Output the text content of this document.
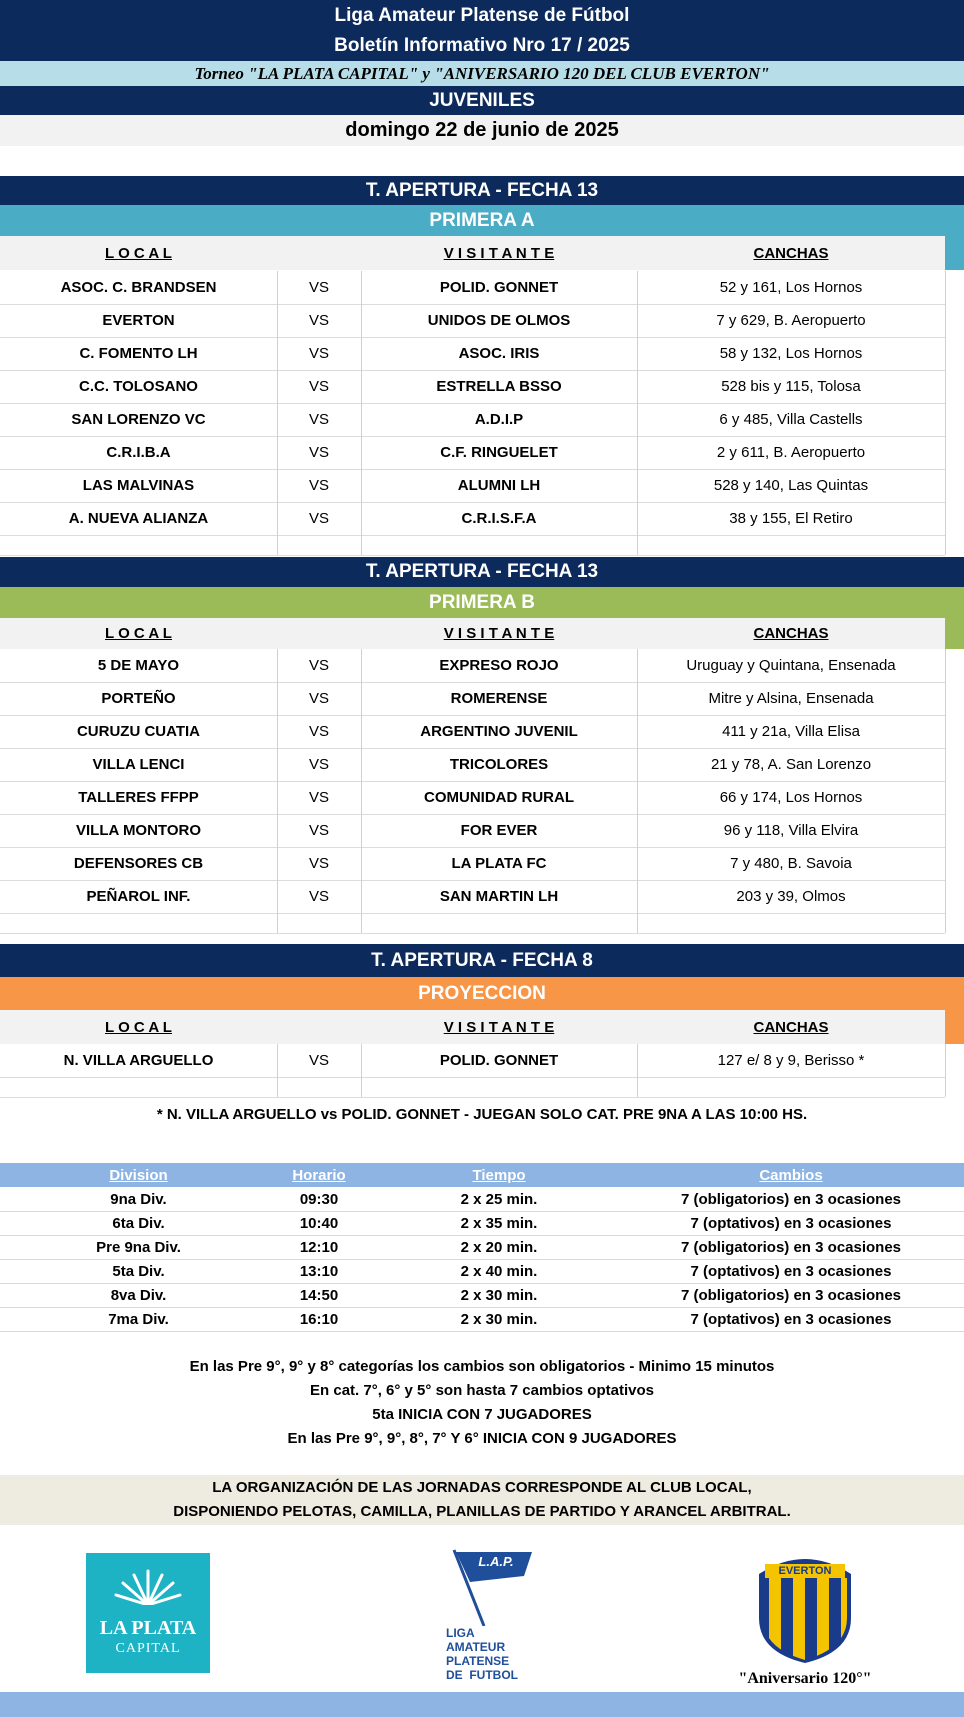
Liga Amateur Platense de Fútbol
Boletín Informativo Nro 17 / 2025
Torneo "LA PLATA CAPITAL" y "ANIVERSARIO 120 DEL CLUB EVERTON"
JUVENILES
domingo 22 de junio de 2025
T. APERTURA - FECHA 13
PRIMERA A
L O C A L	V I S I T A N T E	CANCHAS
ASOC. C. BRANDSEN	VS	POLID. GONNET	52 y 161, Los Hornos
EVERTON	VS	UNIDOS DE OLMOS	7 y 629, B. Aeropuerto
C. FOMENTO LH	VS	ASOC. IRIS	58 y 132, Los Hornos
C.C. TOLOSANO	VS	ESTRELLA BSSO	528 bis y 115, Tolosa
SAN LORENZO VC	VS	A.D.I.P	6 y 485, Villa Castells
C.R.I.B.A	VS	C.F. RINGUELET	2 y 611, B. Aeropuerto
LAS MALVINAS	VS	ALUMNI LH	528 y 140, Las Quintas
A. NUEVA ALIANZA	VS	C.R.I.S.F.A	38 y 155, El Retiro
T. APERTURA - FECHA 13
PRIMERA B
L O C A L	V I S I T A N T E	CANCHAS
5 DE MAYO	VS	EXPRESO ROJO	Uruguay y Quintana, Ensenada
PORTEÑO	VS	ROMERENSE	Mitre y Alsina, Ensenada
CURUZU CUATIA	VS	ARGENTINO JUVENIL	411 y 21a, Villa Elisa
VILLA LENCI	VS	TRICOLORES	21 y 78, A. San Lorenzo
TALLERES FFPP	VS	COMUNIDAD RURAL	66 y 174, Los Hornos
VILLA MONTORO	VS	FOR EVER	96 y 118, Villa Elvira
DEFENSORES CB	VS	LA PLATA FC	7 y 480, B. Savoia
PEÑAROL INF.	VS	SAN MARTIN LH	203 y 39, Olmos
T. APERTURA - FECHA 8
PROYECCION
L O C A L	V I S I T A N T E	CANCHAS
N. VILLA ARGUELLO	VS	POLID. GONNET	127 e/ 8 y 9, Berisso *
* N. VILLA ARGUELLO vs POLID. GONNET - JUEGAN SOLO CAT. PRE 9NA A LAS 10:00 HS.
Division	Horario	Tiempo	Cambios
9na Div.	09:30	2 x 25 min.	7 (obligatorios) en 3 ocasiones
6ta Div.	10:40	2 x 35 min.	7 (optativos) en 3 ocasiones
Pre 9na Div.	12:10	2 x 20 min.	7 (obligatorios) en 3 ocasiones
5ta Div.	13:10	2 x 40 min.	7 (optativos) en 3 ocasiones
8va Div.	14:50	2 x 30 min.	7 (obligatorios) en 3 ocasiones
7ma Div.	16:10	2 x 30 min.	7 (optativos) en 3 ocasiones
En las Pre 9°, 9° y 8° categorías los cambios son obligatorios - Minimo 15 minutos
En cat. 7°, 6° y 5° son hasta 7 cambios optativos
5ta INICIA CON 7 JUGADORES
En las Pre 9°, 9°, 8°, 7° Y 6° INICIA CON 9 JUGADORES
LA ORGANIZACIÓN DE LAS JORNADAS CORRESPONDE AL CLUB LOCAL,
DISPONIENDO PELOTAS, CAMILLA, PLANILLAS DE PARTIDO Y ARANCEL ARBITRAL.
LA PLATA
CAPITAL
L.A.P.
LIGA
AMATEUR
PLATENSE
DE  FUTBOL
EVERTON
"Aniversario 120°"
